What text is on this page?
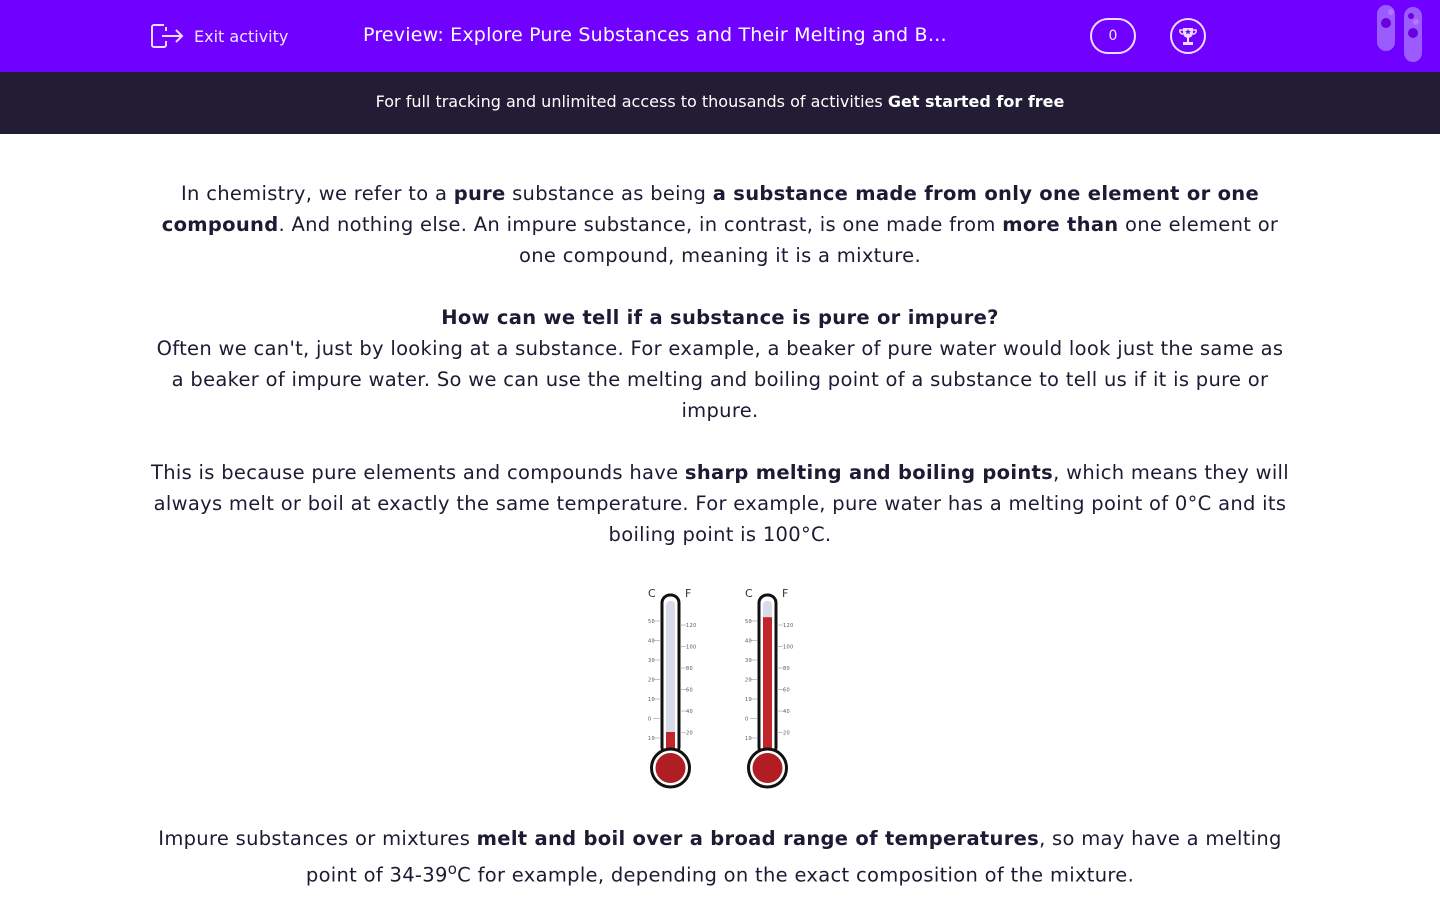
Exit activity	Preview: Explore Pure Substances and Their Melting and B…	0
For full tracking and unlimited access to thousands of activities Get started for free

In chemistry, we refer to a pure substance as being a substance made from only one element or one compound. And nothing else. An impure substance, in contrast, is one made from more than one element or one compound, meaning it is a mixture.

How can we tell if a substance is pure or impure?
Often we can't, just by looking at a substance. For example, a beaker of pure water would look just the same as a beaker of impure water. So we can use the melting and boiling point of a substance to tell us if it is pure or impure.

This is because pure elements and compounds have sharp melting and boiling points, which means they will always melt or boil at exactly the same temperature. For example, pure water has a melting point of 0°C and its boiling point is 100°C.

C	F
50
40
30
20
10
0
10
120
100
80
60
40
20
C	F
50
40
30
20
10
0
10
120
100
80
60
40
20

Impure substances or mixtures melt and boil over a broad range of temperatures, so may have a melting point of 34-39$^o$C for example, depending on the exact composition of the mixture.
